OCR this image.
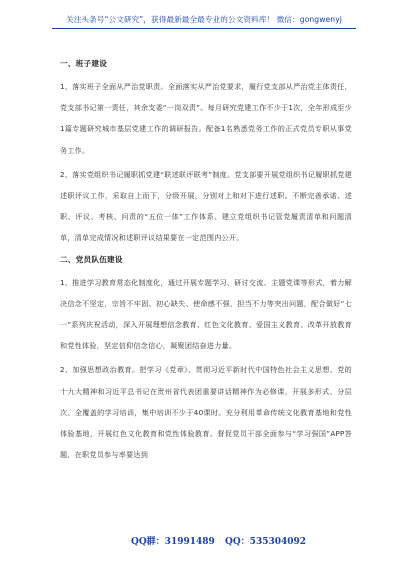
关注头条号“公文研究”，获得最新最全最专业的公文资料库！ 微信：gongwenyj
一、班子建设

1、落实班子全面从严治党职责。全面落实从严治党要求，履行党支部从严治党主体责任，党支部书记第一责任，其余支委“一岗双责”。每月研究党建工作不少于1次，全年形成至少1篇专题研究城市基层党建工作的调研报告。配备1名熟悉党务工作的正式党员专职从事党务工作。

2、落实党组织书记履职抓党建“联述联评联考”制度。党支部要开展党组织书记履职抓党建述职评议工作，采取自上而下，分级开展，分别对上和对下进行述职。不断完善承诺、述职、评议、考核、问责的“五位一体”工作体系、建立党组织书记管党履责清单和问题清单，清单完成情况和述职评议结果要在一定范围内公开。

二、党员队伍建设

1、推进学习教育常态化制度化，通过开展专题学习、研讨交流、主题党课等形式，着力解决信念不坚定，宗旨不牢固、初心缺失、使命感不强、担当不力等突出问题，配合做好“七一”系列庆祝活动，深入开展理想信念教育、红色文化教育、爱国主义教育、改革开放教育和党性体验，坚定信仰信念信心，凝聚团结奋进力量。

2、加强思想政治教育。把学习《党章》、贯彻习近平新时代中国特色社会主义思想、党的十九大精神和习近平总书记在贵州省代表团重要讲话精神作为必修课，开展多形式、分层次、全覆盖的学习培训，集中培训不少于40课时。充分利用革命传统文化教育基地和党性体验基地，开展红色文化教育和党性体验教育。督促党员干部全面参与“学习强国”APP答题，在职党员参与率要达到

QQ群：31991489 QQ：535304092
